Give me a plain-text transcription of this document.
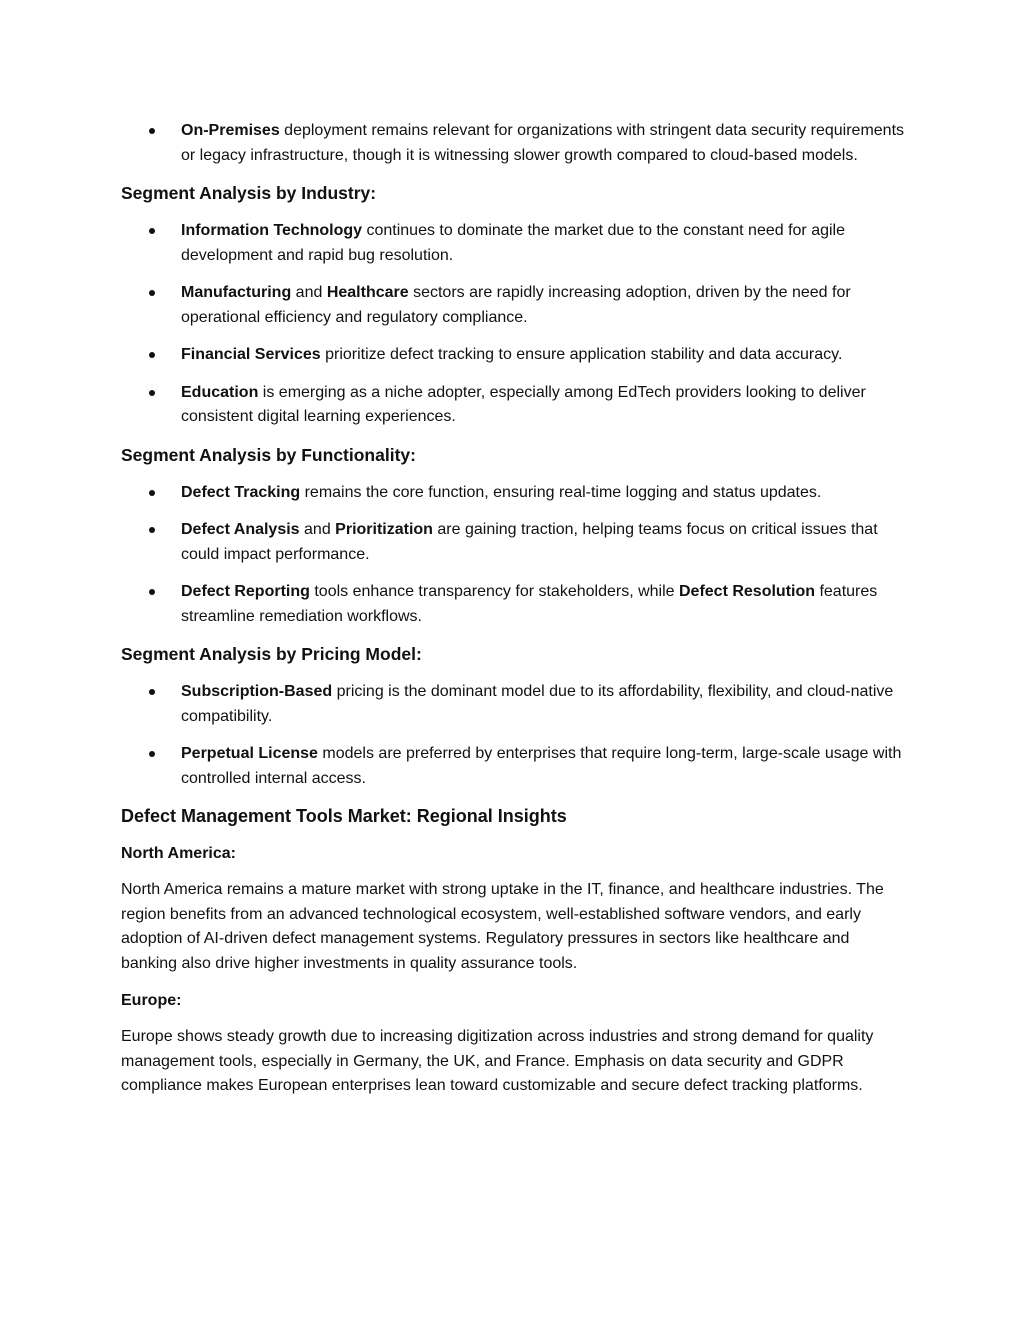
On-Premises deployment remains relevant for organizations with stringent data security requirements or legacy infrastructure, though it is witnessing slower growth compared to cloud-based models.
Segment Analysis by Industry:
Information Technology continues to dominate the market due to the constant need for agile development and rapid bug resolution.
Manufacturing and Healthcare sectors are rapidly increasing adoption, driven by the need for operational efficiency and regulatory compliance.
Financial Services prioritize defect tracking to ensure application stability and data accuracy.
Education is emerging as a niche adopter, especially among EdTech providers looking to deliver consistent digital learning experiences.
Segment Analysis by Functionality:
Defect Tracking remains the core function, ensuring real-time logging and status updates.
Defect Analysis and Prioritization are gaining traction, helping teams focus on critical issues that could impact performance.
Defect Reporting tools enhance transparency for stakeholders, while Defect Resolution features streamline remediation workflows.
Segment Analysis by Pricing Model:
Subscription-Based pricing is the dominant model due to its affordability, flexibility, and cloud-native compatibility.
Perpetual License models are preferred by enterprises that require long-term, large-scale usage with controlled internal access.
Defect Management Tools Market: Regional Insights
North America:

North America remains a mature market with strong uptake in the IT, finance, and healthcare industries. The region benefits from an advanced technological ecosystem, well-established software vendors, and early adoption of AI-driven defect management systems. Regulatory pressures in sectors like healthcare and banking also drive higher investments in quality assurance tools.

Europe:

Europe shows steady growth due to increasing digitization across industries and strong demand for quality management tools, especially in Germany, the UK, and France. Emphasis on data security and GDPR compliance makes European enterprises lean toward customizable and secure defect tracking platforms.
